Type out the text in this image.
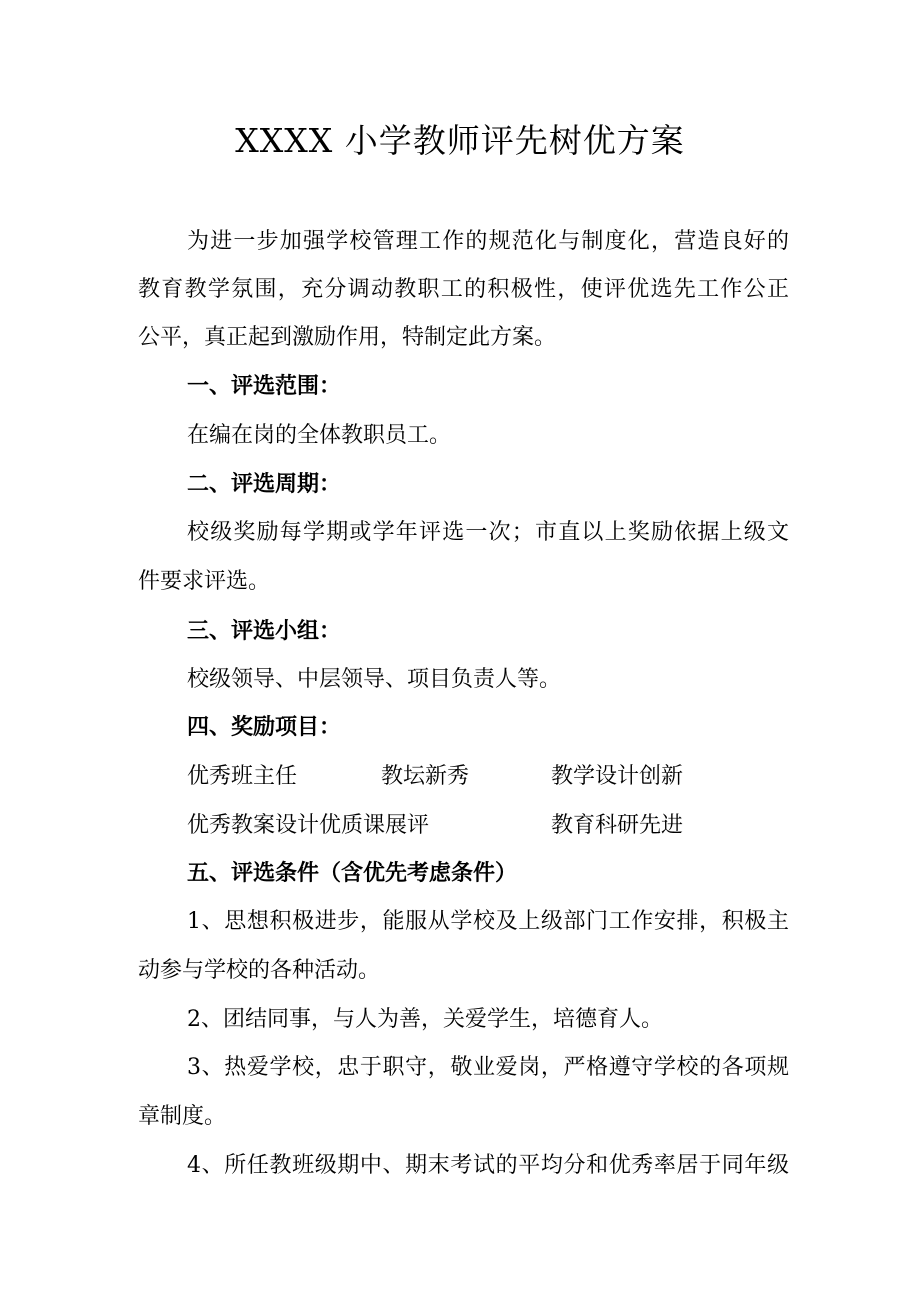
XXXX 小学教师评先树优方案
为进一步加强学校管理工作的规范化与制度化，营造良好的
教育教学氛围，充分调动教职工的积极性，使评优选先工作公正
公平，真正起到激励作用，特制定此方案。
一、评选范围：
在编在岗的全体教职员工。
二、评选周期：
校级奖励每学期或学年评选一次；市直以上奖励依据上级文
件要求评选。
三、评选小组：
校级领导、中层领导、项目负责人等。
四、奖励项目：
优秀班主任	教坛新秀	教学设计创新
优秀教案设计优质课展评	教育科研先进
五、评选条件（含优先考虑条件）
1、思想积极进步，能服从学校及上级部门工作安排，积极主
动参与学校的各种活动。
2、团结同事，与人为善，关爱学生，培德育人。
3、热爱学校，忠于职守，敬业爱岗，严格遵守学校的各项规
章制度。
4、所任教班级期中、期末考试的平均分和优秀率居于同年级
